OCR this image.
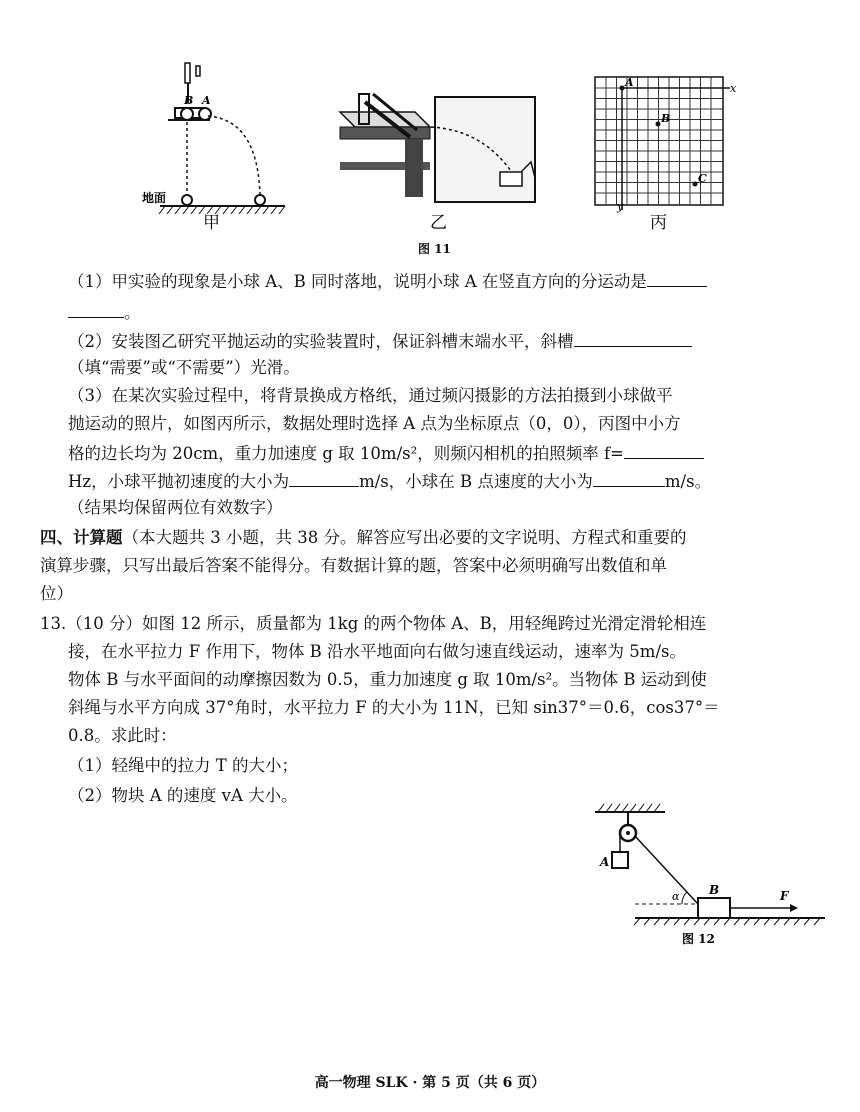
B A
地面
甲	乙
A
B
C
x
y
丙
图 11
（1）甲实验的现象是小球 A、B 同时落地，说明小球 A 在竖直方向的分运动是
。
（2）安装图乙研究平抛运动的实验装置时，保证斜槽末端水平，斜槽
（填“需要”或“不需要”）光滑。
（3）在某次实验过程中，将背景换成方格纸，通过频闪摄影的方法拍摄到小球做平
抛运动的照片，如图丙所示，数据处理时选择 A 点为坐标原点（0，0），丙图中小方
格的边长均为 20cm，重力加速度 g 取 10m/s²，则频闪相机的拍照频率 f=
Hz，小球平抛初速度的大小为	m/s，小球在 B 点速度的大小为	m/s。
（结果均保留两位有效数字）
四、计算题（本大题共 3 小题，共 38 分。解答应写出必要的文字说明、方程式和重要的
演算步骤，只写出最后答案不能得分。有数据计算的题，答案中必须明确写出数值和单
位）
13.（10 分）如图 12 所示，质量都为 1kg 的两个物体 A、B，用轻绳跨过光滑定滑轮相连
接，在水平拉力 F 作用下，物体 B 沿水平地面向右做匀速直线运动，速率为 5m/s。
物体 B 与水平面间的动摩擦因数为 0.5，重力加速度 g 取 10m/s²。当物体 B 运动到使
斜绳与水平方向成 37°角时，水平拉力 F 的大小为 11N，已知 sin37°＝0.6，cos37°＝
0.8。求此时：
（1）轻绳中的拉力 T 的大小；
（2）物块 A 的速度 vA 大小。
A
B	F
α
图 12
高一物理 SLK · 第 5 页（共 6 页）
